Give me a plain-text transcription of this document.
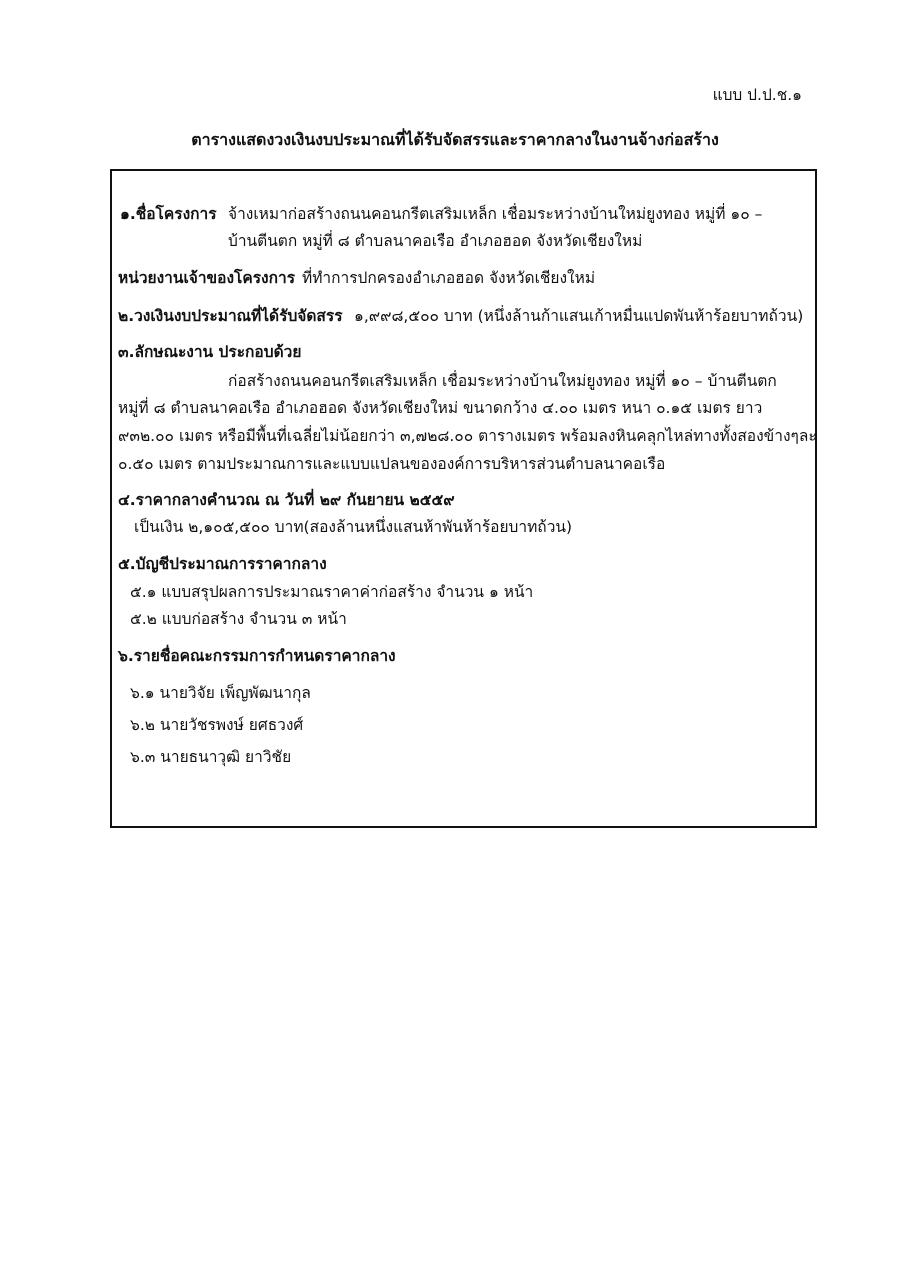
แบบ ป.ป.ช.๑
ตารางแสดงวงเงินงบประมาณที่ได้รับจัดสรรและราคากลางในงานจ้างก่อสร้าง
๑.ชื่อโครงการ จ้างเหมาก่อสร้างถนนคอนกรีตเสริมเหล็ก เชื่อมระหว่างบ้านใหม่ยูงทอง หมู่ที่ ๑๐ –
บ้านตีนตก หมู่ที่ ๘ ตำบลนาคอเรือ อำเภอฮอด จังหวัดเชียงใหม่
หน่วยงานเจ้าของโครงการ ที่ทำการปกครองอำเภอฮอด จังหวัดเชียงใหม่
๒.วงเงินงบประมาณที่ได้รับจัดสรร ๑,๙๙๘,๕๐๐ บาท (หนึ่งล้านก้าแสนเก้าหมื่นแปดพันห้าร้อยบาทถ้วน)
๓.ลักษณะงาน ประกอบด้วย
ก่อสร้างถนนคอนกรีตเสริมเหล็ก เชื่อมระหว่างบ้านใหม่ยูงทอง หมู่ที่ ๑๐ – บ้านตีนตก
หมู่ที่ ๘ ตำบลนาคอเรือ อำเภอฮอด จังหวัดเชียงใหม่ ขนาดกว้าง ๔.๐๐ เมตร หนา ๐.๑๕ เมตร ยาว
๙๓๒.๐๐ เมตร หรือมีพื้นที่เฉลี่ยไม่น้อยกว่า ๓,๗๒๘.๐๐ ตารางเมตร พร้อมลงหินคลุกไหล่ทางทั้งสองข้างๆละ
๐.๕๐ เมตร ตามประมาณการและแบบแปลนขององค์การบริหารส่วนตำบลนาคอเรือ
๔.ราคากลางคำนวณ ณ วันที่ ๒๙ กันยายน ๒๕๕๙
เป็นเงิน ๒,๑๐๕,๕๐๐ บาท(สองล้านหนึ่งแสนห้าพันห้าร้อยบาทถ้วน)
๕.บัญชีประมาณการราคากลาง
๕.๑ แบบสรุปผลการประมาณราคาค่าก่อสร้าง จำนวน ๑ หน้า
๕.๒ แบบก่อสร้าง จำนวน ๓ หน้า
๖.รายชื่อคณะกรรมการกำหนดราคากลาง
๖.๑ นายวิจัย เพ็ญพัฒนากุล
๖.๒ นายวัชรพงษ์ ยศธวงศ์
๖.๓ นายธนาวุฒิ ยาวิชัย
